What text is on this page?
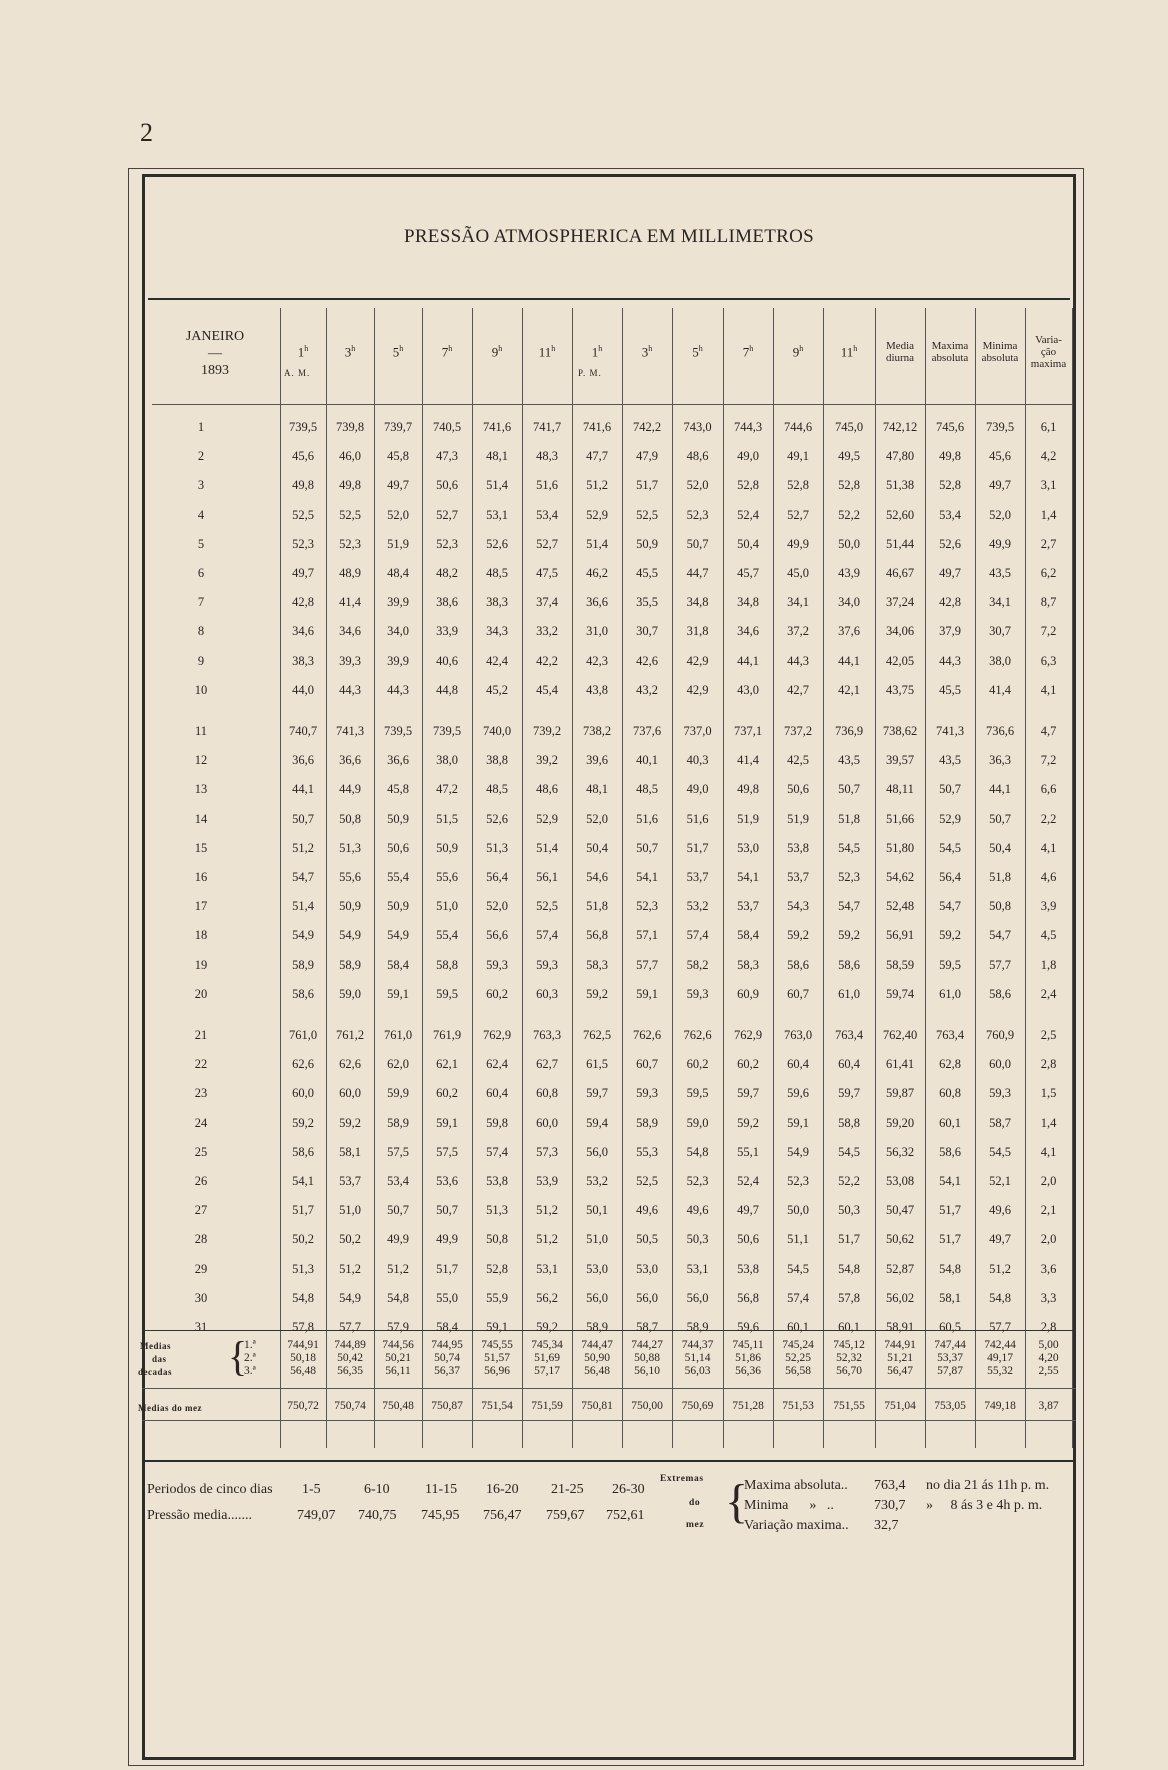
2
PRESSÃO ATMOSPHERICA EM MILLIMETROS
JANEIRO
—
1893
1$^h$	3$^h$	5$^h$	7$^h$	9$^h$	11$^h$	1$^h$	3$^h$	5$^h$	7$^h$	9$^h$	11$^h$	Media
diurna
Maxima
absoluta
Minima
absoluta
Varia-
ção
maxima
A. M.	P. M.
1	739,5	739,8	739,7	740,5	741,6	741,7	741,6	742,2	743,0	744,3	744,6	745,0	742,12	745,6	739,5	6,1
2	45,6	46,0	45,8	47,3	48,1	48,3	47,7	47,9	48,6	49,0	49,1	49,5	47,80	49,8	45,6	4,2
3	49,8	49,8	49,7	50,6	51,4	51,6	51,2	51,7	52,0	52,8	52,8	52,8	51,38	52,8	49,7	3,1
4	52,5	52,5	52,0	52,7	53,1	53,4	52,9	52,5	52,3	52,4	52,7	52,2	52,60	53,4	52,0	1,4
5	52,3	52,3	51,9	52,3	52,6	52,7	51,4	50,9	50,7	50,4	49,9	50,0	51,44	52,6	49,9	2,7
6	49,7	48,9	48,4	48,2	48,5	47,5	46,2	45,5	44,7	45,7	45,0	43,9	46,67	49,7	43,5	6,2
7	42,8	41,4	39,9	38,6	38,3	37,4	36,6	35,5	34,8	34,8	34,1	34,0	37,24	42,8	34,1	8,7
8	34,6	34,6	34,0	33,9	34,3	33,2	31,0	30,7	31,8	34,6	37,2	37,6	34,06	37,9	30,7	7,2
9	38,3	39,3	39,9	40,6	42,4	42,2	42,3	42,6	42,9	44,1	44,3	44,1	42,05	44,3	38,0	6,3
10	44,0	44,3	44,3	44,8	45,2	45,4	43,8	43,2	42,9	43,0	42,7	42,1	43,75	45,5	41,4	4,1
11	740,7	741,3	739,5	739,5	740,0	739,2	738,2	737,6	737,0	737,1	737,2	736,9	738,62	741,3	736,6	4,7
12	36,6	36,6	36,6	38,0	38,8	39,2	39,6	40,1	40,3	41,4	42,5	43,5	39,57	43,5	36,3	7,2
13	44,1	44,9	45,8	47,2	48,5	48,6	48,1	48,5	49,0	49,8	50,6	50,7	48,11	50,7	44,1	6,6
14	50,7	50,8	50,9	51,5	52,6	52,9	52,0	51,6	51,6	51,9	51,9	51,8	51,66	52,9	50,7	2,2
15	51,2	51,3	50,6	50,9	51,3	51,4	50,4	50,7	51,7	53,0	53,8	54,5	51,80	54,5	50,4	4,1
16	54,7	55,6	55,4	55,6	56,4	56,1	54,6	54,1	53,7	54,1	53,7	52,3	54,62	56,4	51,8	4,6
17	51,4	50,9	50,9	51,0	52,0	52,5	51,8	52,3	53,2	53,7	54,3	54,7	52,48	54,7	50,8	3,9
18	54,9	54,9	54,9	55,4	56,6	57,4	56,8	57,1	57,4	58,4	59,2	59,2	56,91	59,2	54,7	4,5
19	58,9	58,9	58,4	58,8	59,3	59,3	58,3	57,7	58,2	58,3	58,6	58,6	58,59	59,5	57,7	1,8
20	58,6	59,0	59,1	59,5	60,2	60,3	59,2	59,1	59,3	60,9	60,7	61,0	59,74	61,0	58,6	2,4
21	761,0	761,2	761,0	761,9	762,9	763,3	762,5	762,6	762,6	762,9	763,0	763,4	762,40	763,4	760,9	2,5
22	62,6	62,6	62,0	62,1	62,4	62,7	61,5	60,7	60,2	60,2	60,4	60,4	61,41	62,8	60,0	2,8
23	60,0	60,0	59,9	60,2	60,4	60,8	59,7	59,3	59,5	59,7	59,6	59,7	59,87	60,8	59,3	1,5
24	59,2	59,2	58,9	59,1	59,8	60,0	59,4	58,9	59,0	59,2	59,1	58,8	59,20	60,1	58,7	1,4
25	58,6	58,1	57,5	57,5	57,4	57,3	56,0	55,3	54,8	55,1	54,9	54,5	56,32	58,6	54,5	4,1
26	54,1	53,7	53,4	53,6	53,8	53,9	53,2	52,5	52,3	52,4	52,3	52,2	53,08	54,1	52,1	2,0
27	51,7	51,0	50,7	50,7	51,3	51,2	50,1	49,6	49,6	49,7	50,0	50,3	50,47	51,7	49,6	2,1
28	50,2	50,2	49,9	49,9	50,8	51,2	51,0	50,5	50,3	50,6	51,1	51,7	50,62	51,7	49,7	2,0
29	51,3	51,2	51,2	51,7	52,8	53,1	53,0	53,0	53,1	53,8	54,5	54,8	52,87	54,8	51,2	3,6
30	54,8	54,9	54,8	55,0	55,9	56,2	56,0	56,0	56,0	56,8	57,4	57,8	56,02	58,1	54,8	3,3
31	57,8	57,7	57,9	58,4	59,1	59,2	58,9	58,7	58,9	59,6	60,1	60,1	58,91	60,5	57,7	2,8
Medias
das
decadas {
1.ª
2.ª
3.ª
744,91	744,89	744,56	744,95	745,55	745,34	744,47	744,27	744,37	745,11	745,24	745,12	744,91	747,44	742,44	5,00
50,18	50,42	50,21	50,74	51,57	51,69	50,90	50,88	51,14	51,86	52,25	52,32	51,21	53,37	49,17	4,20
56,48	56,35	56,11	56,37	56,96	57,17	56,48	56,10	56,03	56,36	56,58	56,70	56,47	57,87	55,32	2,55
Medias do mez	750,72	750,74	750,48	750,87	751,54	751,59	750,81	750,00	750,69	751,28	751,53	751,55	751,04	753,05	749,18	3,87
Periodos de cinco dias 1-5	6-10	11-15 16-20 21-25 26-30
Pressão media.......	749,07 740,75 745,95 756,47 759,67 752,61
Extremas
do
mez {
Maxima absoluta.. 763,4 no dia 21 ás 11h p. m.
Minima      »   ..	730,7 »     8 ás 3 e 4h p. m.
Variação maxima.. 32,7
